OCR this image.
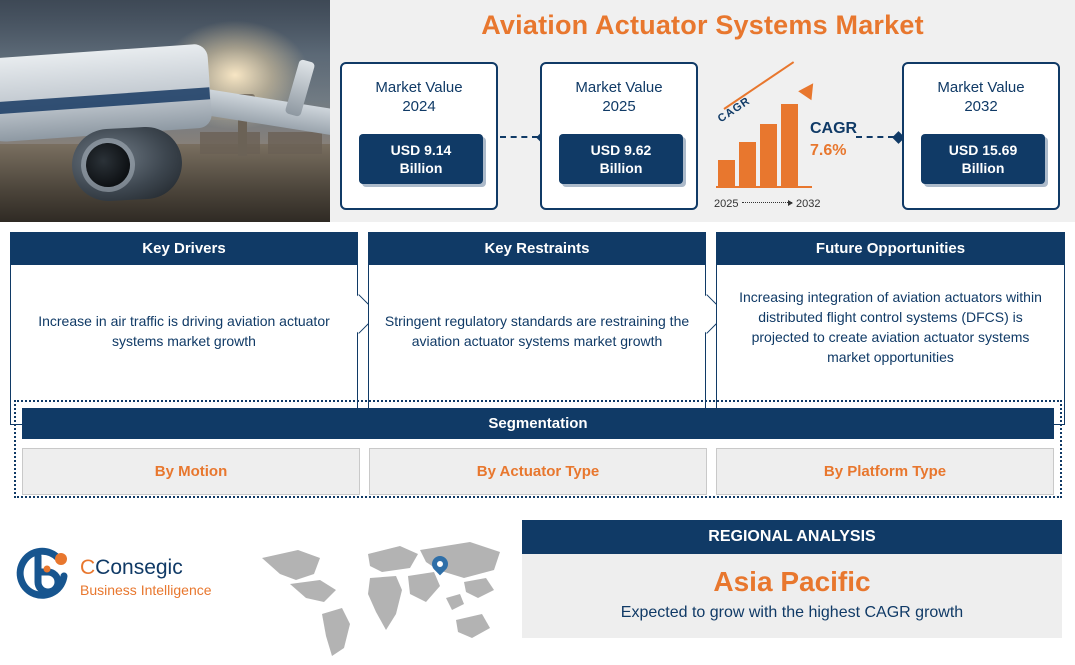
Aviation Actuator Systems Market
Market Value
2024
USD 9.14
Billion
Market Value
2025
USD 9.62
Billion
CAGR
CAGR
7.6%
2025	2032
Market Value
2032
USD 15.69
Billion
Key Drivers
Increase in air traffic is driving aviation actuator systems market growth
Key Restraints
Stringent regulatory standards are restraining the aviation actuator systems market growth
Future Opportunities
Increasing integration of aviation actuators within distributed flight control systems (DFCS) is projected to create aviation actuator systems market opportunities
Segmentation
By Motion	By Actuator Type	By Platform Type
CConsegic
Business Intelligence
REGIONAL ANALYSIS
Asia Pacific
Expected to grow with the highest CAGR growth
